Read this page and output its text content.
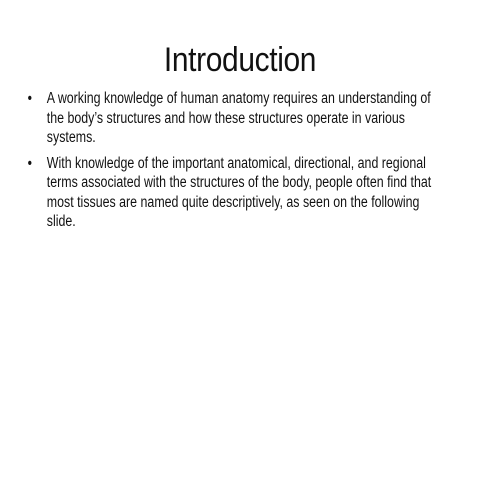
Introduction
• A working knowledge of human anatomy requires an understanding of the body’s structures and how these structures operate in various systems.
• With knowledge of the important anatomical, directional, and regional terms associated with the structures of the body, people often find that most tissues are named quite descriptively, as seen on the following slide.
